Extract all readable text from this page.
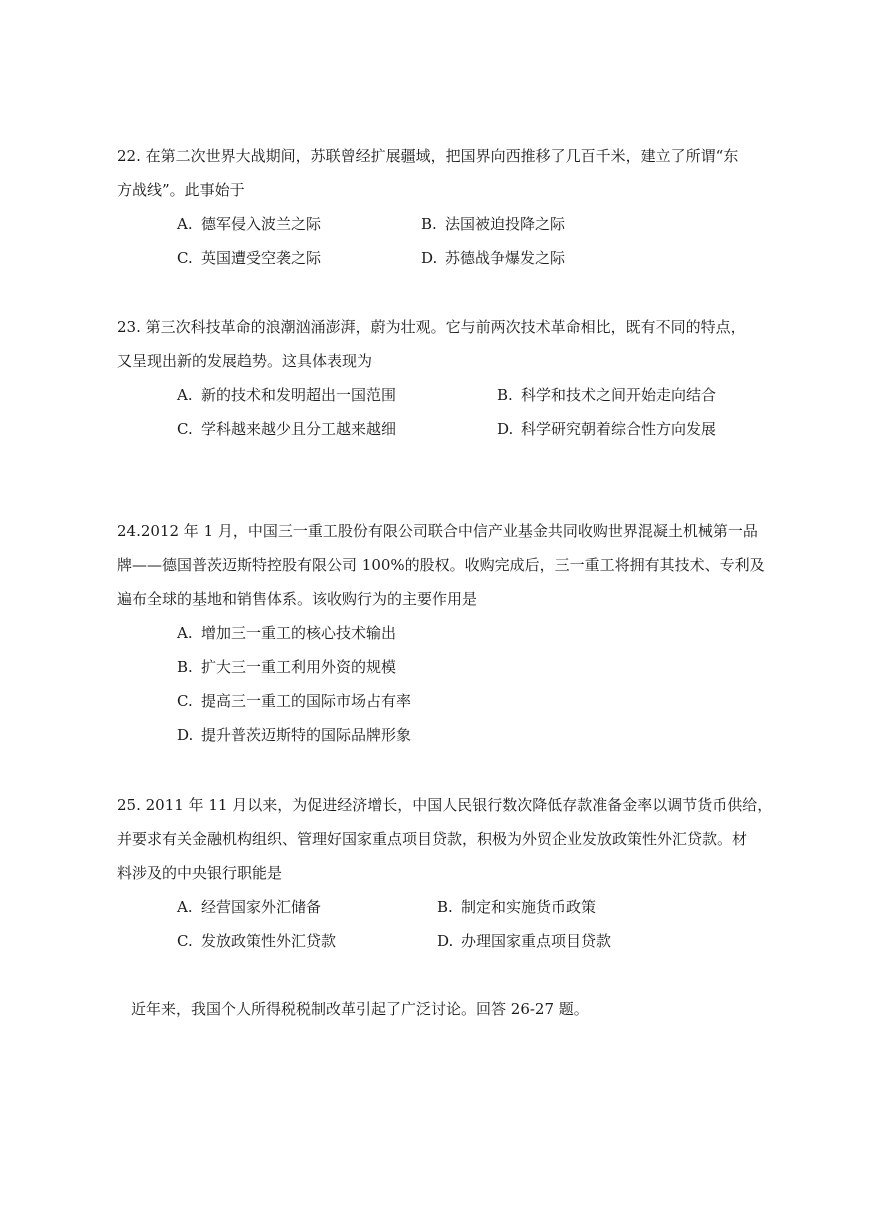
22. 在第二次世界大战期间，苏联曾经扩展疆域，把国界向西推移了几百千米，建立了所谓“东
方战线”。此事始于
A. 德军侵入波兰之际	B. 法国被迫投降之际
C. 英国遭受空袭之际	D. 苏德战争爆发之际
23. 第三次科技革命的浪潮汹涌澎湃，蔚为壮观。它与前两次技术革命相比，既有不同的特点，
又呈现出新的发展趋势。这具体表现为
A. 新的技术和发明超出一国范围	B. 科学和技术之间开始走向结合
C. 学科越来越少且分工越来越细	D. 科学研究朝着综合性方向发展
24.2012 年 1 月，中国三一重工股份有限公司联合中信产业基金共同收购世界混凝土机械第一品
牌——德国普茨迈斯特控股有限公司 100%的股权。收购完成后，三一重工将拥有其技术、专利及
遍布全球的基地和销售体系。该收购行为的主要作用是
A. 增加三一重工的核心技术输出
B. 扩大三一重工利用外资的规模
C. 提高三一重工的国际市场占有率
D. 提升普茨迈斯特的国际品牌形象
25. 2011 年 11 月以来，为促进经济增长，中国人民银行数次降低存款准备金率以调节货币供给，
并要求有关金融机构组织、管理好国家重点项目贷款，积极为外贸企业发放政策性外汇贷款。材
料涉及的中央银行职能是
A. 经营国家外汇储备	B. 制定和实施货币政策
C. 发放政策性外汇贷款	D. 办理国家重点项目贷款
近年来，我国个人所得税税制改革引起了广泛讨论。回答 26-27 题。
